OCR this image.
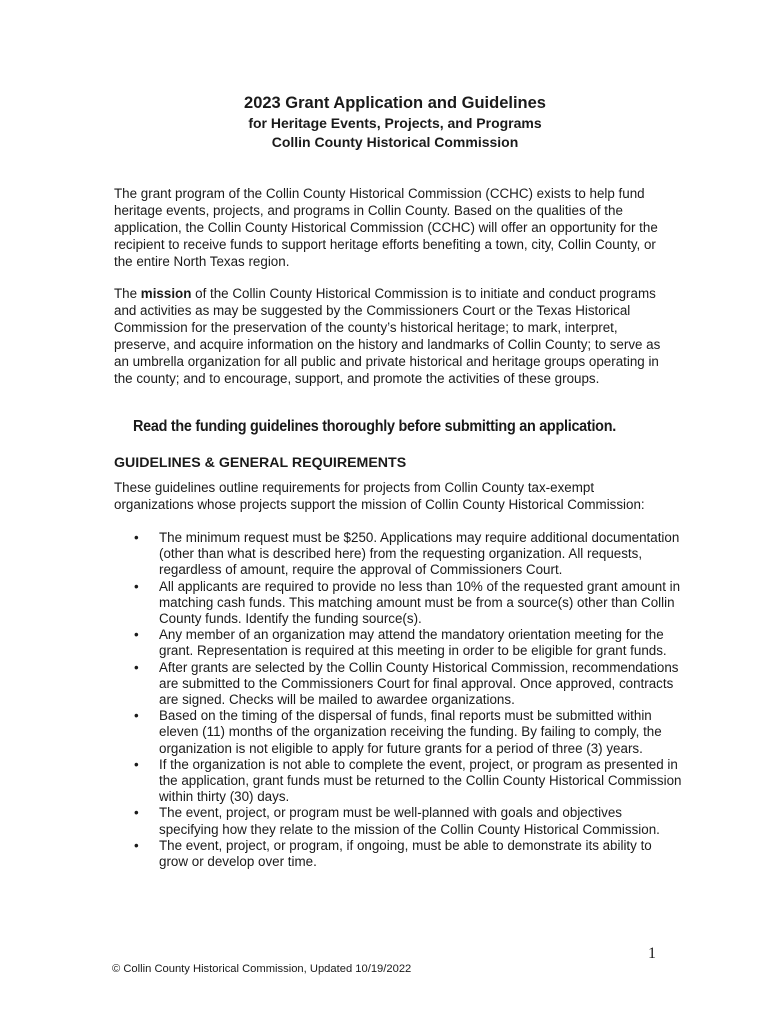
2023 Grant Application and Guidelines
for Heritage Events, Projects, and Programs
Collin County Historical Commission

The grant program of the Collin County Historical Commission (CCHC) exists to help fund heritage events, projects, and programs in Collin County. Based on the qualities of the application, the Collin County Historical Commission (CCHC) will offer an opportunity for the recipient to receive funds to support heritage efforts benefiting a town, city, Collin County, or the entire North Texas region.

The mission of the Collin County Historical Commission is to initiate and conduct programs and activities as may be suggested by the Commissioners Court or the Texas Historical Commission for the preservation of the county’s historical heritage; to mark, interpret, preserve, and acquire information on the history and landmarks of Collin County; to serve as an umbrella organization for all public and private historical and heritage groups operating in the county; and to encourage, support, and promote the activities of these groups.

Read the funding guidelines thoroughly before submitting an application.

GUIDELINES & GENERAL REQUIREMENTS

These guidelines outline requirements for projects from Collin County tax-exempt organizations whose projects support the mission of Collin County Historical Commission:

• The minimum request must be $250. Applications may require additional documentation (other than what is described here) from the requesting organization. All requests, regardless of amount, require the approval of Commissioners Court.
• All applicants are required to provide no less than 10% of the requested grant amount in matching cash funds. This matching amount must be from a source(s) other than Collin County funds. Identify the funding source(s).
• Any member of an organization may attend the mandatory orientation meeting for the grant. Representation is required at this meeting in order to be eligible for grant funds.
• After grants are selected by the Collin County Historical Commission, recommendations are submitted to the Commissioners Court for final approval. Once approved, contracts are signed. Checks will be mailed to awardee organizations.
• Based on the timing of the dispersal of funds, final reports must be submitted within eleven (11) months of the organization receiving the funding. By failing to comply, the organization is not eligible to apply for future grants for a period of three (3) years.
• If the organization is not able to complete the event, project, or program as presented in the application, grant funds must be returned to the Collin County Historical Commission within thirty (30) days.
• The event, project, or program must be well-planned with goals and objectives specifying how they relate to the mission of the Collin County Historical Commission.
• The event, project, or program, if ongoing, must be able to demonstrate its ability to grow or develop over time.

1

© Collin County Historical Commission, Updated 10/19/2022
